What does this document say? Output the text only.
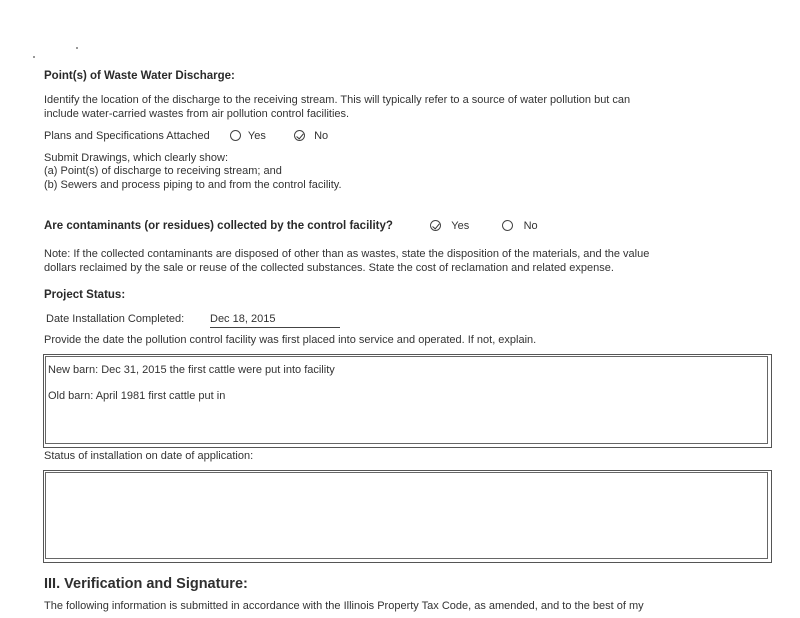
Point(s) of Waste Water Discharge:
Identify the location of the discharge to the receiving stream. This will typically refer to a source of water pollution but can
include water-carried wastes from air pollution control facilities.
Plans and Specifications Attached	Yes	No
Submit Drawings, which clearly show:
(a) Point(s) of discharge to receiving stream; and
(b) Sewers and process piping to and from the control facility.
Are contaminants (or residues) collected by the control facility?	Yes	No
Note: If the collected contaminants are disposed of other than as wastes, state the disposition of the materials, and the value
dollars reclaimed by the sale or reuse of the collected substances. State the cost of reclamation and related expense.
Project Status:
Date Installation Completed: Dec 18, 2015
Provide the date the pollution control facility was first placed into service and operated. If not, explain.
New barn: Dec 31, 2015 the first cattle were put into facility
Old barn: April 1981 first cattle put in
Status of installation on date of application:
III. Verification and Signature:
The following information is submitted in accordance with the Illinois Property Tax Code, as amended, and to the best of my
